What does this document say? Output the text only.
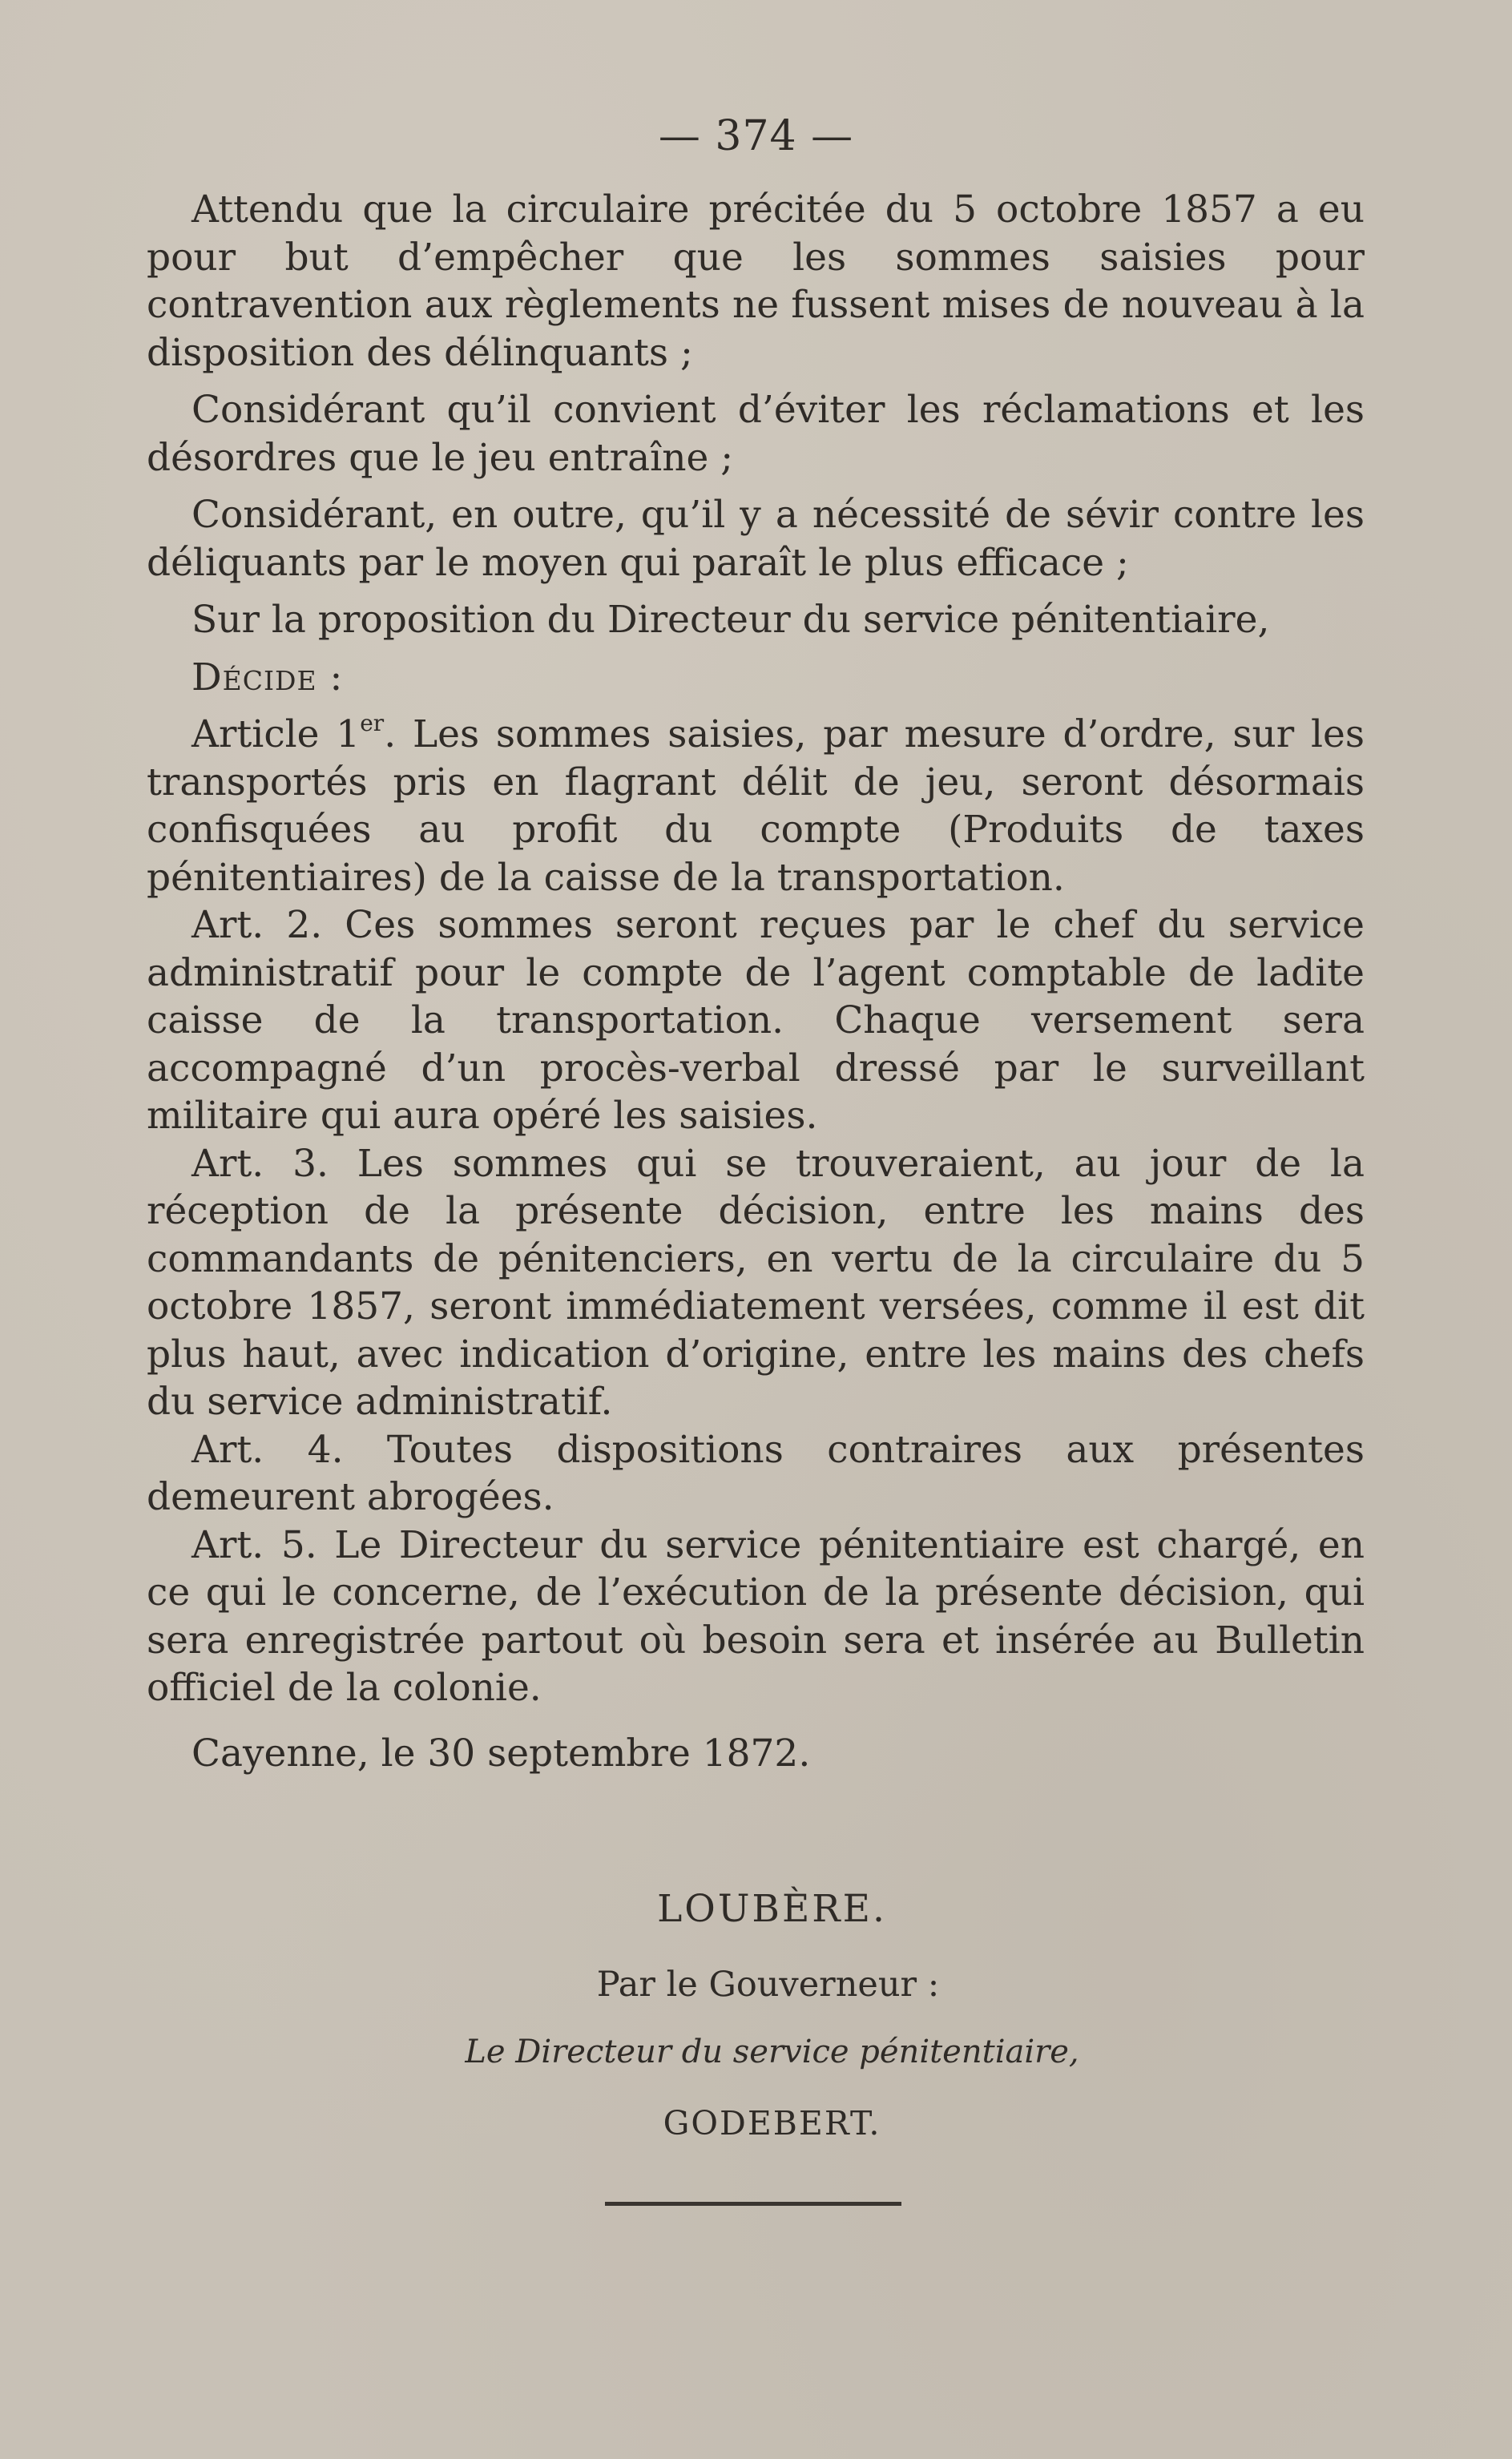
— 374 —

Attendu que la circulaire précitée du 5 octobre 1857 a eu pour but d’empêcher que les sommes saisies pour contravention aux règlements ne fussent mises de nouveau à la disposition des délinquants ;

Considérant qu’il convient d’éviter les réclamations et les désordres que le jeu entraîne ;

Considérant, en outre, qu’il y a nécessité de sévir contre les déliquants par le moyen qui paraît le plus efficace ;

Sur la proposition du Directeur du service pénitentiaire,

Décide :

Article 1er. Les sommes saisies, par mesure d’ordre, sur les transportés pris en flagrant délit de jeu, seront désormais confisquées au profit du compte (Produits de taxes pénitentiaires) de la caisse de la transportation.

Art. 2. Ces sommes seront reçues par le chef du service administratif pour le compte de l’agent comptable de ladite caisse de la transportation. Chaque versement sera accompagné d’un procès-verbal dressé par le surveillant militaire qui aura opéré les saisies.

Art. 3. Les sommes qui se trouveraient, au jour de la réception de la présente décision, entre les mains des commandants de pénitenciers, en vertu de la circulaire du 5 octobre 1857, seront immédiatement versées, comme il est dit plus haut, avec indication d’origine, entre les mains des chefs du service administratif.

Art. 4. Toutes dispositions contraires aux présentes demeurent abrogées.

Art. 5. Le Directeur du service pénitentiaire est chargé, en ce qui le concerne, de l’exécution de la présente décision, qui sera enregistrée partout où besoin sera et insérée au Bulletin officiel de la colonie.

Cayenne, le 30 septembre 1872.

LOUBÈRE.
Par le Gouverneur :
Le Directeur du service pénitentiaire,
GODEBERT.
